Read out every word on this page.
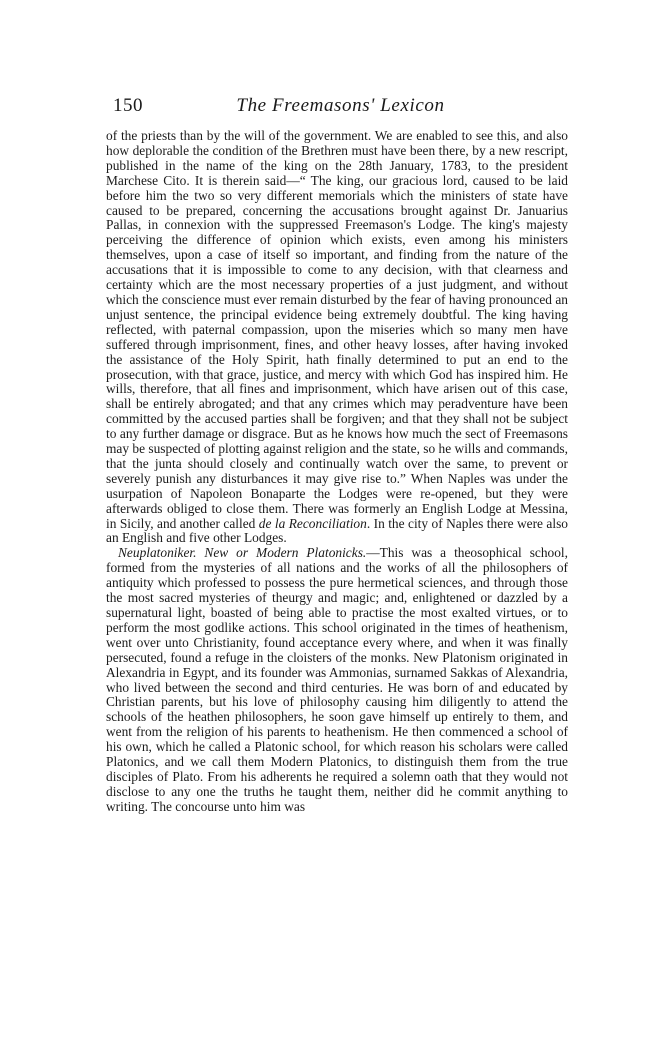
150	The Freemasons' Lexicon

of the priests than by the will of the government. We are enabled to see this, and also how deplorable the condition of the Brethren must have been there, by a new rescript, published in the name of the king on the 28th January, 1783, to the president Marchese Cito. It is therein said—“ The king, our gracious lord, caused to be laid before him the two so very different memorials which the ministers of state have caused to be prepared, concerning the accusations brought against Dr. Januarius Pallas, in connexion with the suppressed Freemason's Lodge. The king's majesty perceiving the difference of opinion which exists, even among his ministers themselves, upon a case of itself so important, and finding from the nature of the accusations that it is impossible to come to any decision, with that clearness and certainty which are the most necessary properties of a just judgment, and without which the conscience must ever remain disturbed by the fear of having pronounced an unjust sentence, the principal evidence being extremely doubtful. The king having reflected, with paternal compassion, upon the miseries which so many men have suffered through imprisonment, fines, and other heavy losses, after having invoked the assistance of the Holy Spirit, hath finally determined to put an end to the prosecution, with that grace, justice, and mercy with which God has inspired him. He wills, therefore, that all fines and imprisonment, which have arisen out of this case, shall be entirely abrogated; and that any crimes which may peradventure have been committed by the accused parties shall be forgiven; and that they shall not be subject to any further damage or disgrace. But as he knows how much the sect of Freemasons may be suspected of plotting against religion and the state, so he wills and commands, that the junta should closely and continually watch over the same, to prevent or severely punish any disturbances it may give rise to.” When Naples was under the usurpation of Napoleon Bonaparte the Lodges were re-opened, but they were afterwards obliged to close them. There was formerly an English Lodge at Messina, in Sicily, and another called de la Reconciliation. In the city of Naples there were also an English and five other Lodges.

Neuplatoniker. New or Modern Platonicks.—This was a theosophical school, formed from the mysteries of all nations and the works of all the philosophers of antiquity which professed to possess the pure hermetical sciences, and through those the most sacred mysteries of theurgy and magic; and, enlightened or dazzled by a supernatural light, boasted of being able to practise the most exalted virtues, or to perform the most godlike actions. This school originated in the times of heathenism, went over unto Christianity, found acceptance every where, and when it was finally persecuted, found a refuge in the cloisters of the monks. New Platonism originated in Alexandria in Egypt, and its founder was Ammonias, surnamed Sakkas of Alexandria, who lived between the second and third centuries. He was born of and educated by Christian parents, but his love of philosophy causing him diligently to attend the schools of the heathen philosophers, he soon gave himself up entirely to them, and went from the religion of his parents to heathenism. He then commenced a school of his own, which he called a Platonic school, for which reason his scholars were called Platonics, and we call them Modern Platonics, to distinguish them from the true disciples of Plato. From his adherents he required a solemn oath that they would not disclose to any one the truths he taught them, neither did he commit anything to writing. The concourse unto him was
